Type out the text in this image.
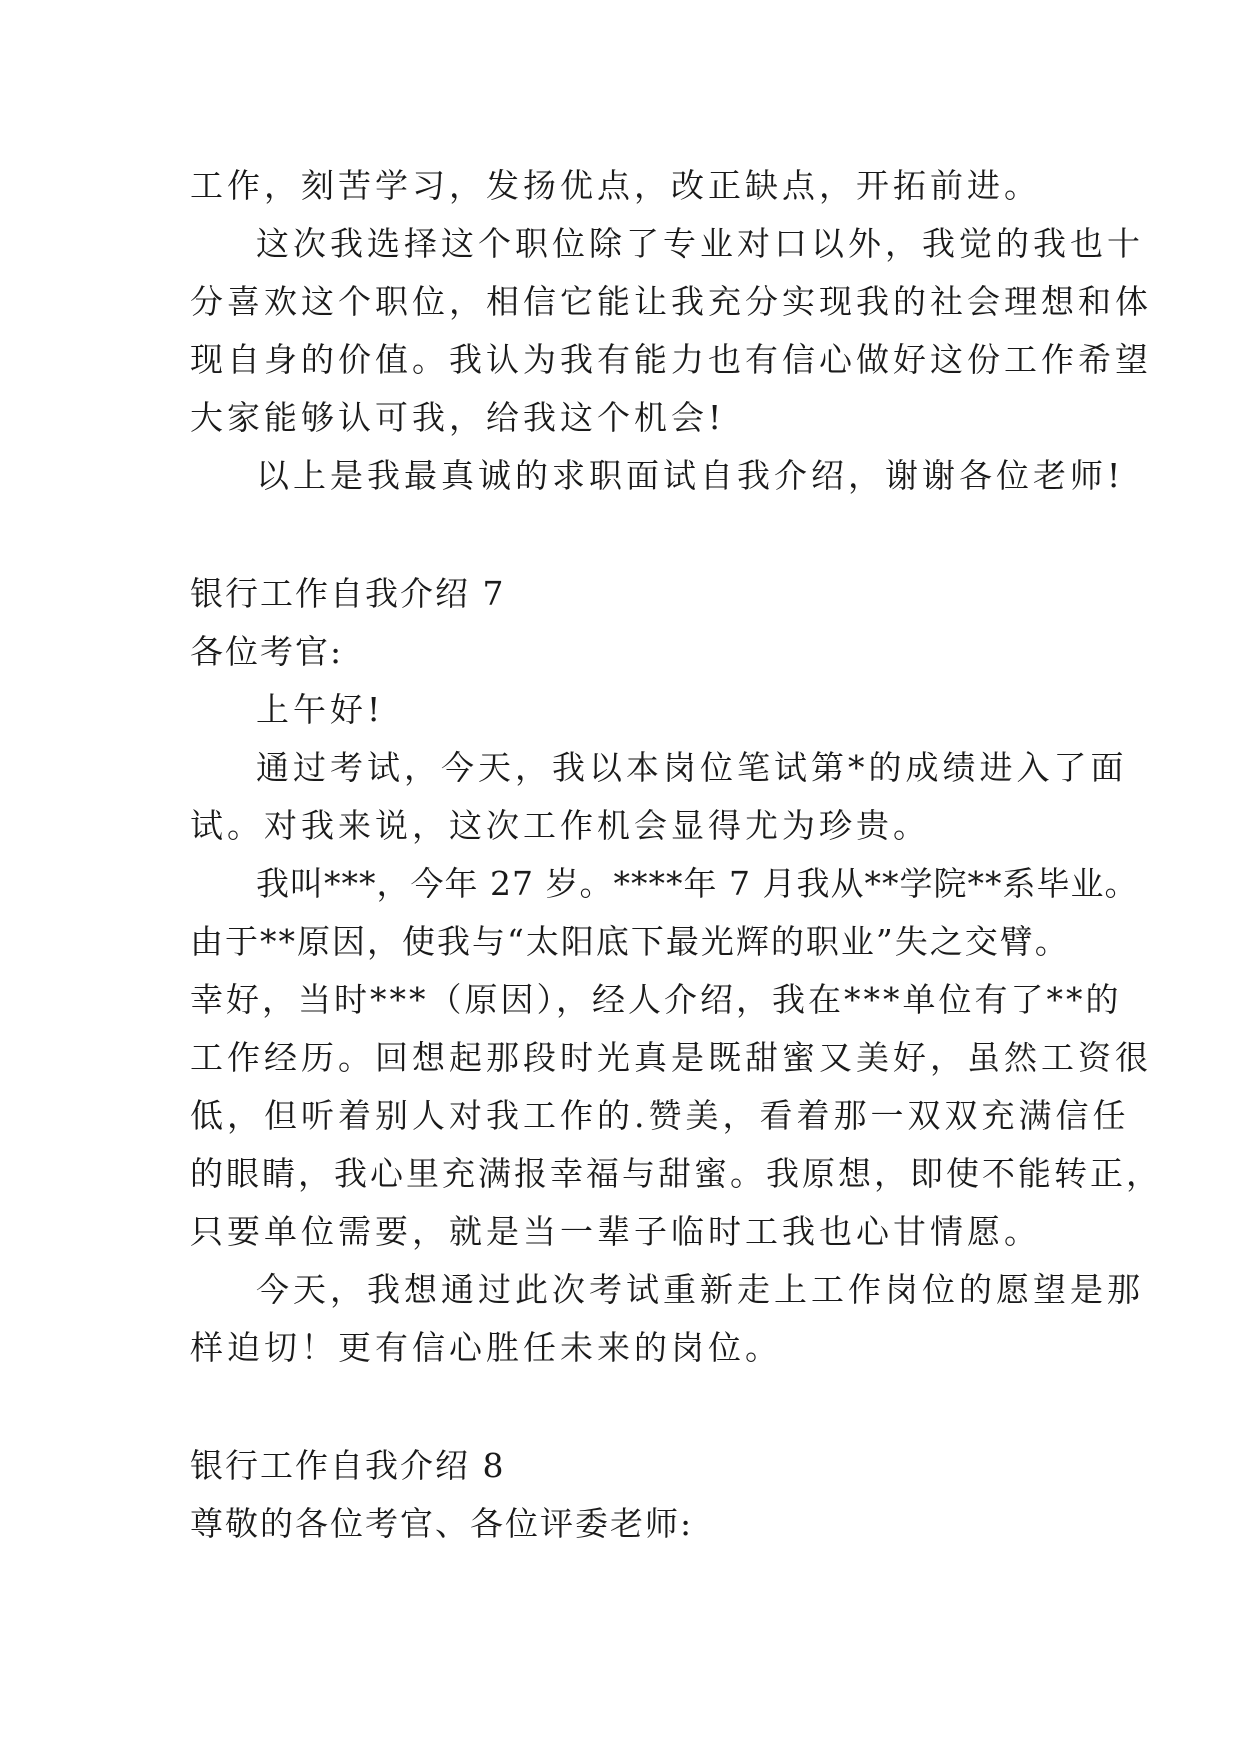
工作，刻苦学习，发扬优点，改正缺点，开拓前进。
这次我选择这个职位除了专业对口以外，我觉的我也十
分喜欢这个职位，相信它能让我充分实现我的社会理想和体
现自身的价值。我认为我有能力也有信心做好这份工作希望
大家能够认可我，给我这个机会!
以上是我最真诚的求职面试自我介绍，谢谢各位老师!
银行工作自我介绍 7
各位考官:
上午好!
通过考试，今天，我以本岗位笔试第*的成绩进入了面
试。对我来说，这次工作机会显得尤为珍贵。
我叫***，今年 27 岁。****年 7 月我从**学院**系毕业。
由于**原因，使我与“太阳底下最光辉的职业”失之交臂。
幸好，当时***（原因），经人介绍，我在***单位有了**的
工作经历。回想起那段时光真是既甜蜜又美好，虽然工资很
低，但听着别人对我工作的.赞美，看着那一双双充满信任
的眼睛，我心里充满报幸福与甜蜜。我原想，即使不能转正，
只要单位需要，就是当一辈子临时工我也心甘情愿。
今天，我想通过此次考试重新走上工作岗位的愿望是那
样迫切！更有信心胜任未来的岗位。
银行工作自我介绍 8
尊敬的各位考官、各位评委老师:
